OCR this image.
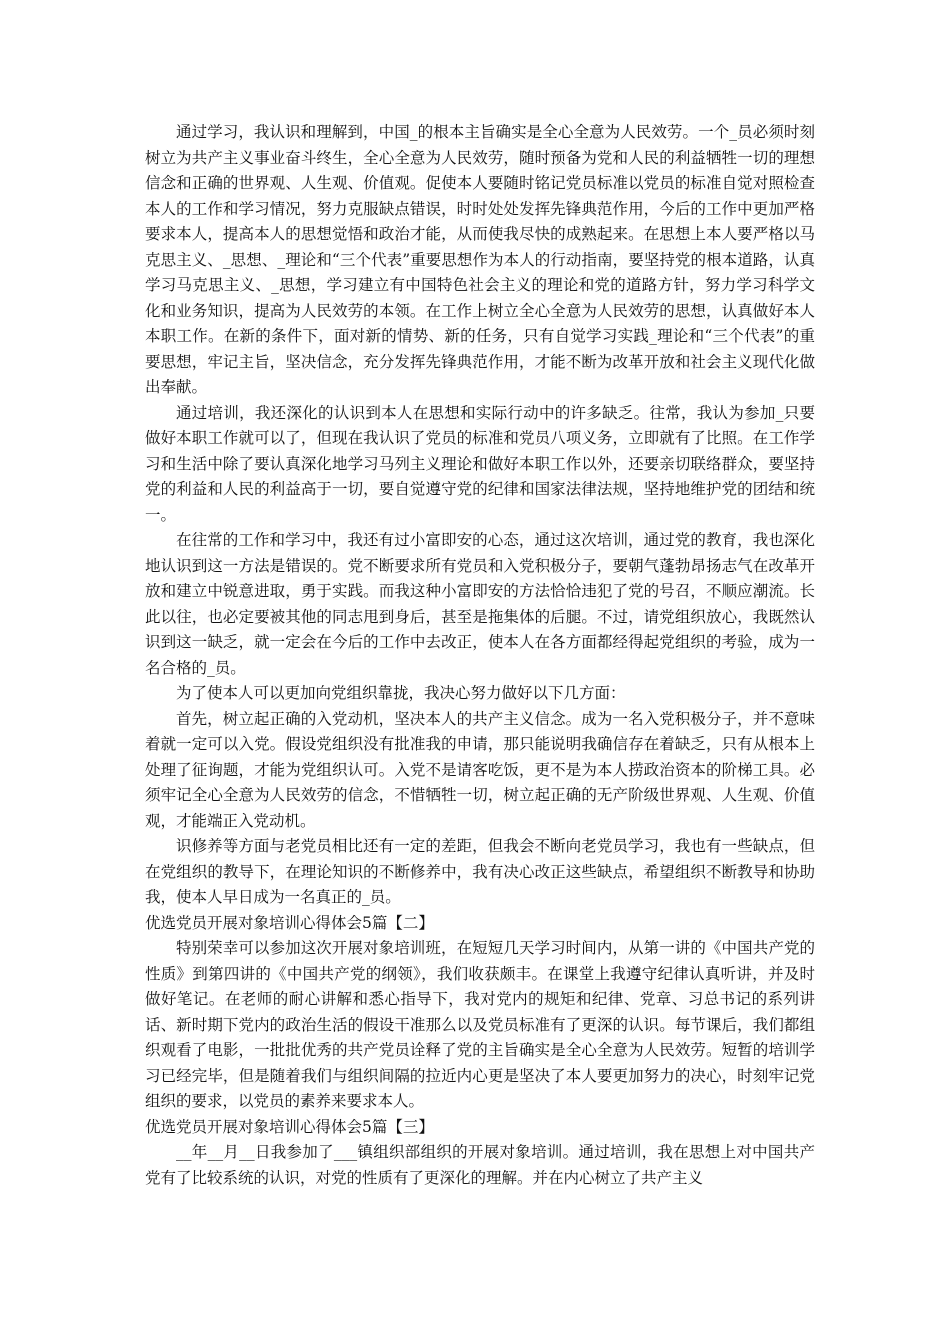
通过学习，我认识和理解到，中国_的根本主旨确实是全心全意为人民效劳。一个_员必须时刻树立为共产主义事业奋斗终生，全心全意为人民效劳，随时预备为党和人民的利益牺牲一切的理想信念和正确的世界观、人生观、价值观。促使本人要随时铭记党员标准以党员的标准自觉对照检查本人的工作和学习情况，努力克服缺点错误，时时处处发挥先锋典范作用，今后的工作中更加严格要求本人，提高本人的思想觉悟和政治才能，从而使我尽快的成熟起来。在思想上本人要严格以马克思主义、_思想、_理论和“三个代表”重要思想作为本人的行动指南，要坚持党的根本道路，认真学习马克思主义、_思想，学习建立有中国特色社会主义的理论和党的道路方针，努力学习科学文化和业务知识，提高为人民效劳的本领。在工作上树立全心全意为人民效劳的思想，认真做好本人本职工作。在新的条件下，面对新的情势、新的任务，只有自觉学习实践_理论和“三个代表”的重要思想，牢记主旨，坚决信念，充分发挥先锋典范作用，才能不断为改革开放和社会主义现代化做出奉献。

通过培训，我还深化的认识到本人在思想和实际行动中的许多缺乏。往常，我认为参加_只要做好本职工作就可以了，但现在我认识了党员的标准和党员八项义务，立即就有了比照。在工作学习和生活中除了要认真深化地学习马列主义理论和做好本职工作以外，还要亲切联络群众，要坚持党的利益和人民的利益高于一切，要自觉遵守党的纪律和国家法律法规，坚持地维护党的团结和统一。

在往常的工作和学习中，我还有过小富即安的心态，通过这次培训，通过党的教育，我也深化地认识到这一方法是错误的。党不断要求所有党员和入党积极分子，要朝气蓬勃昂扬志气在改革开放和建立中锐意进取，勇于实践。而我这种小富即安的方法恰恰违犯了党的号召，不顺应潮流。长此以往，也必定要被其他的同志甩到身后，甚至是拖集体的后腿。不过，请党组织放心，我既然认识到这一缺乏，就一定会在今后的工作中去改正，使本人在各方面都经得起党组织的考验，成为一名合格的_员。

为了使本人可以更加向党组织靠拢，我决心努力做好以下几方面：

首先，树立起正确的入党动机，坚决本人的共产主义信念。成为一名入党积极分子，并不意味着就一定可以入党。假设党组织没有批准我的申请，那只能说明我确信存在着缺乏，只有从根本上处理了征询题，才能为党组织认可。入党不是请客吃饭，更不是为本人捞政治资本的阶梯工具。必须牢记全心全意为人民效劳的信念，不惜牺牲一切，树立起正确的无产阶级世界观、人生观、价值观，才能端正入党动机。

识修养等方面与老党员相比还有一定的差距，但我会不断向老党员学习，我也有一些缺点，但在党组织的教导下，在理论知识的不断修养中，我有决心改正这些缺点，希望组织不断教导和协助我，使本人早日成为一名真正的_员。

优选党员开展对象培训心得体会5篇【二】

特别荣幸可以参加这次开展对象培训班，在短短几天学习时间内，从第一讲的《中国共产党的性质》到第四讲的《中国共产党的纲领》，我们收获颇丰。在课堂上我遵守纪律认真听讲，并及时做好笔记。在老师的耐心讲解和悉心指导下，我对党内的规矩和纪律、党章、习总书记的系列讲话、新时期下党内的政治生活的假设干准那么以及党员标准有了更深的认识。每节课后，我们都组织观看了电影，一批批优秀的共产党员诠释了党的主旨确实是全心全意为人民效劳。短暂的培训学习已经完毕，但是随着我们与组织间隔的拉近内心更是坚决了本人要更加努力的决心，时刻牢记党组织的要求，以党员的素养来要求本人。

优选党员开展对象培训心得体会5篇【三】

__年__月__日我参加了___镇组织部组织的开展对象培训。通过培训，我在思想上对中国共产党有了比较系统的认识，对党的性质有了更深化的理解。并在内心树立了共产主义
